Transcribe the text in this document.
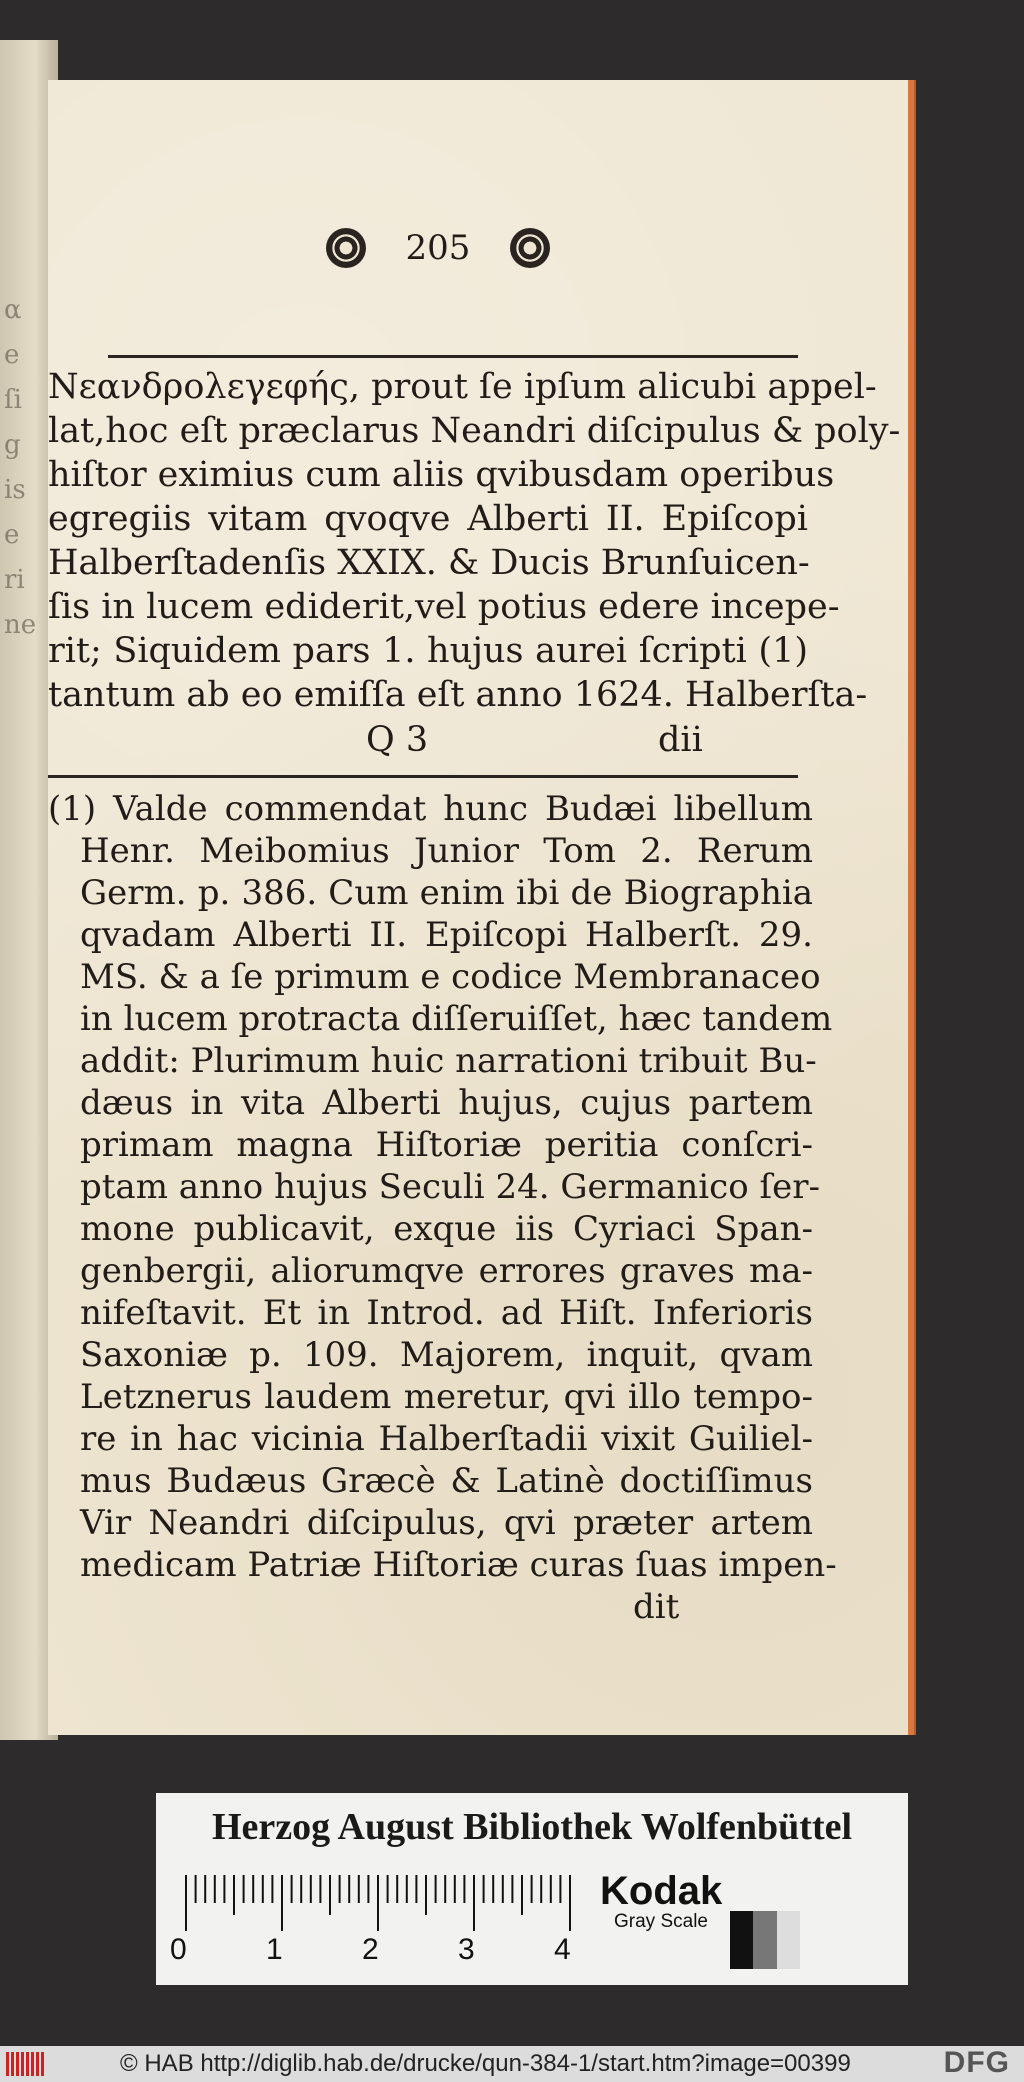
α
e
ſi
g
is
e
ri
ne
205
Νεανδρολεγεφής, prout ſe ipſum alicubi appel-
lat,hoc eſt præclarus Neandri diſcipulus & poly-
hiſtor eximius cum aliis qvibusdam operibus
egregiis vitam qvoqve Alberti II. Epiſcopi
Halberſtadenſis XXIX. & Ducis Brunſuicen-
ſis in lucem ediderit,vel potius edere incepe-
rit; Siquidem pars 1. hujus aurei ſcripti (1)
tantum ab eo emiſſa eſt anno 1624. Halberſta-
Q 3	dii
(1) Valde commendat hunc Budæi libellum
Henr. Meibomius Junior Tom 2. Rerum
Germ. p. 386. Cum enim ibi de Biographia
qvadam Alberti II. Epiſcopi Halberſt. 29.
MS. & a ſe primum e codice Membranaceo
in lucem protracta diſſeruiſſet, hæc tandem
addit: Plurimum huic narrationi tribuit Bu-
dæus in vita Alberti hujus, cujus partem
primam magna Hiſtoriæ peritia conſcri-
ptam anno hujus Seculi 24. Germanico ſer-
mone publicavit, exque iis Cyriaci Span-
genbergii, aliorumqve errores graves ma-
nifeſtavit. Et in Introd. ad Hiſt. Inferioris
Saxoniæ p. 109. Majorem, inquit, qvam
Letznerus laudem meretur, qvi illo tempo-
re in hac vicinia Halberſtadii vixit Guiliel-
mus Budæus Græcè & Latinè doctiſſimus
Vir Neandri diſcipulus, qvi præter artem
medicam Patriæ Hiſtoriæ curas ſuas impen-
dit
Herzog August Bibliothek Wolfenbüttel
0	1	2	3	4
Kodak
Gray Scale
© HAB http://diglib.hab.de/drucke/qun-384-1/start.htm?image=00399	DFG
